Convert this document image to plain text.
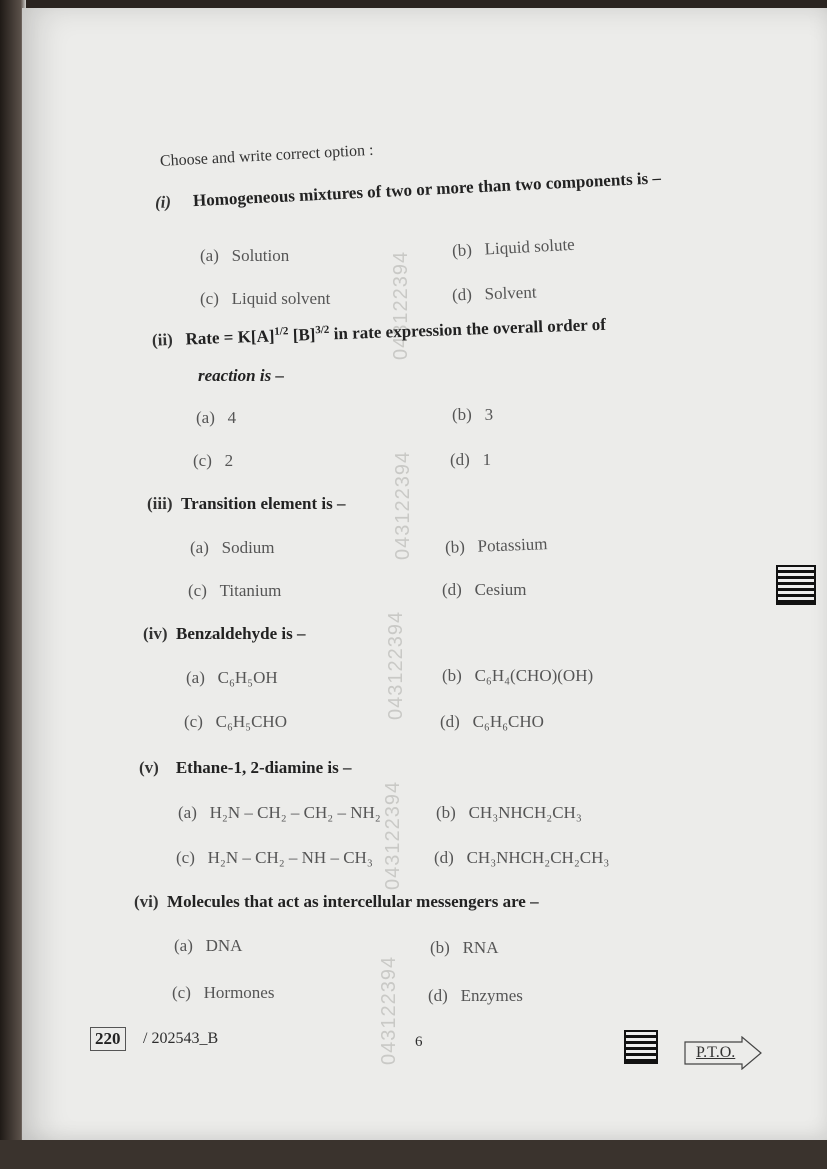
043122394
043122394
043122394
043122394
043122394
Choose and write correct option :
(i) Homogeneous mixtures of two or more than two components is –
(a) Solution	(b) Liquid solute
(c) Liquid solvent	(d) Solvent
(ii) Rate = $K[A]^{1/2}$ $[B]^{3/2}$ in rate expression the overall order of
reaction is –
(a) 4	(b) 3
(c) 2	(d) 1
(iii) Transition element is –
(a) Sodium	(b) Potassium
(c) Titanium	(d) Cesium
(iv) Benzaldehyde is –
(a) C₆H₅OH	(b) C₆H₄(CHO)(OH)
(c) C₆H₅CHO	(d) C₆H₆CHO
(v) Ethane-1, 2-diamine is –
(a) H₂N – CH₂ – CH₂ – NH₂	(b) CH₃NHCH₂CH₃
(c) H₂N – CH₂ – NH – CH₃	(d) CH₃NHCH₂CH₂CH₃
(vi) Molecules that act as intercellular messengers are –
(a) DNA	(b) RNA
(c) Hormones	(d) Enzymes
220	/ 202543_B	6
P.T.O.
